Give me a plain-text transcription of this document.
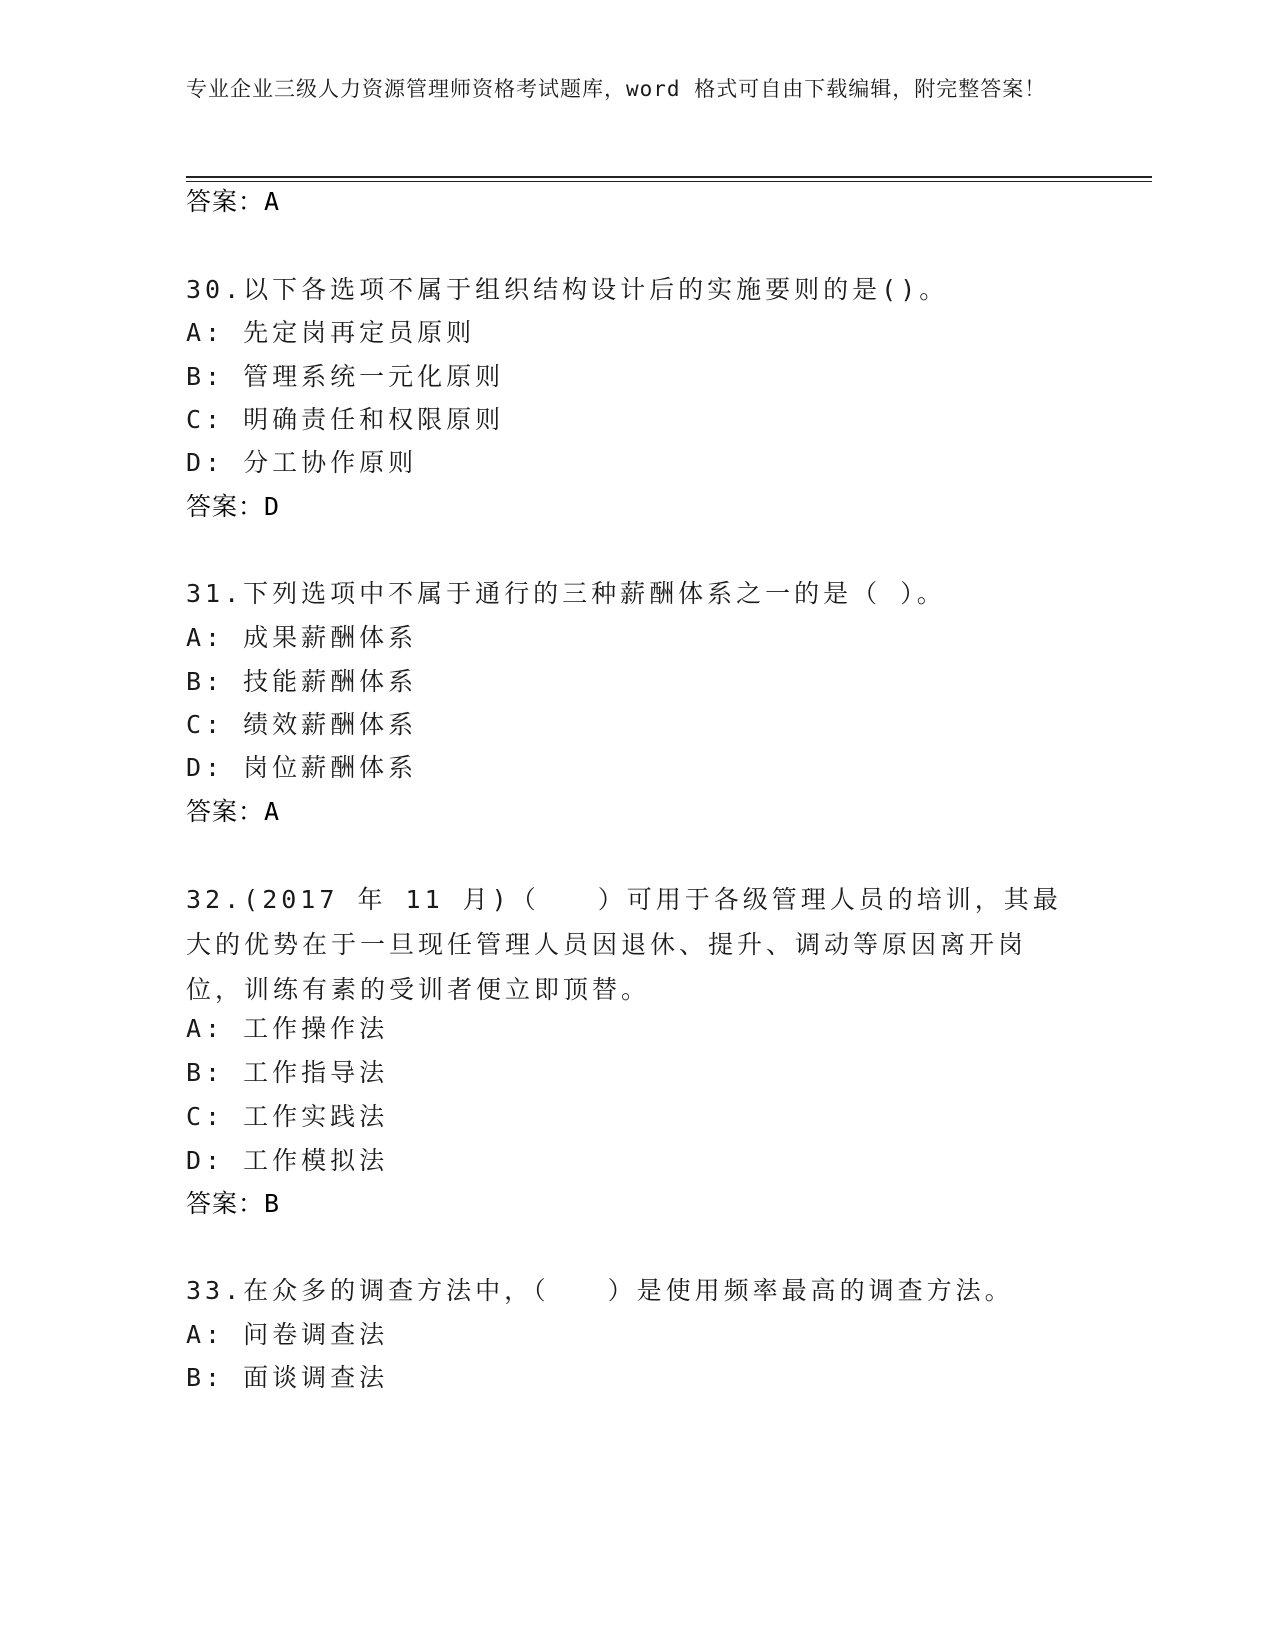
专业企业三级人力资源管理师资格考试题库，word 格式可自由下载编辑，附完整答案！
答案：A
30.以下各选项不属于组织结构设计后的实施要则的是()。
A: 先定岗再定员原则
B: 管理系统一元化原则
C: 明确责任和权限原则
D: 分工协作原则
答案：D
31.下列选项中不属于通行的三种薪酬体系之一的是（ ）。
A: 成果薪酬体系
B: 技能薪酬体系
C: 绩效薪酬体系
D: 岗位薪酬体系
答案：A
32.(2017 年 11 月)（　　）可用于各级管理人员的培训，其最大的优势在于一旦现任管理人员因退休、提升、调动等原因离开岗位，训练有素的受训者便立即顶替。
A: 工作操作法
B: 工作指导法
C: 工作实践法
D: 工作模拟法
答案：B
33.在众多的调查方法中，（　　）是使用频率最高的调查方法。
A: 问卷调查法
B: 面谈调查法
